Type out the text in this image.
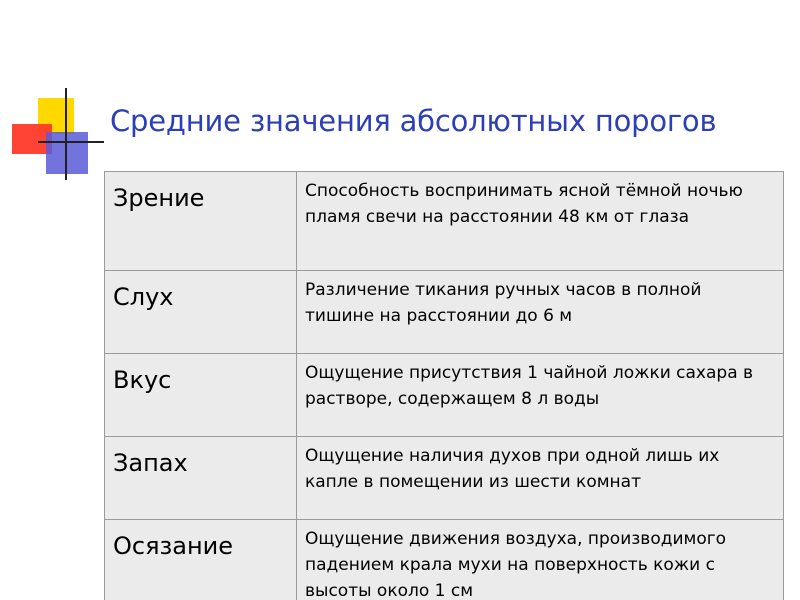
Средние значения абсолютных порогов
Зрение	Способность воспринимать ясной тёмной ночью пламя свечи на расстоянии 48 км от глаза
Слух	Различение тикания ручных часов в полной тишине на расстоянии до 6 м
Вкус	Ощущение присутствия 1 чайной ложки сахара в растворе, содержащем 8 л воды
Запах	Ощущение наличия духов при одной лишь их капле в помещении из шести комнат
Осязание	Ощущение движения воздуха, производимого падением крала мухи на поверхность кожи с высоты около 1 см
